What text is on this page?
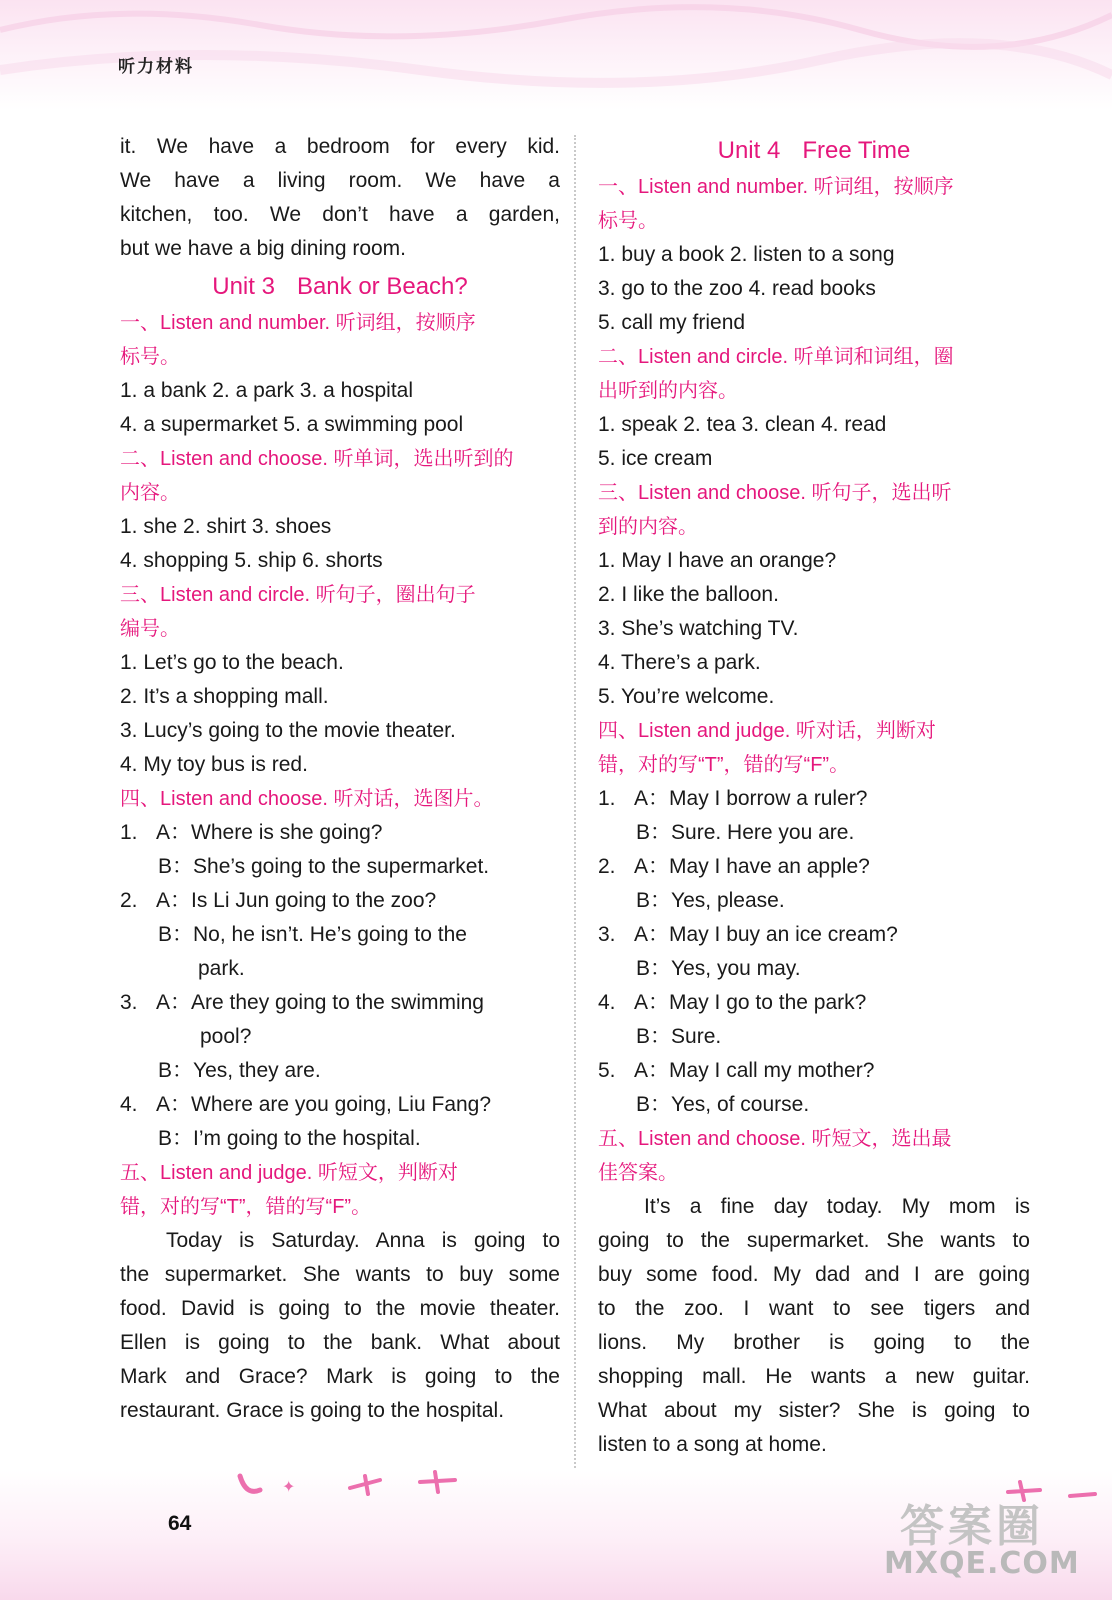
听力材料
it. We have a bedroom for every kid.
We have a living room. We have a
kitchen, too. We don’t have a garden,
but we have a big dining room.
Unit 3 Bank or Beach?
一、Listen and number. 听词组，按顺序
标号。
1. a bank 2. a park 3. a hospital
4. a supermarket 5. a swimming pool
二、Listen and choose. 听单词，选出听到的
内容。
1. she 2. shirt 3. shoes
4. shopping 5. ship 6. shorts
三、Listen and circle. 听句子，圈出句子
编号。
1. Let’s go to the beach.
2. It’s a shopping mall.
3. Lucy’s going to the movie theater.
4. My toy bus is red.
四、Listen and choose. 听对话，选图片。
1. A：Where is she going?
B：She’s going to the supermarket.
2. A：Is Li Jun going to the zoo?
B：No, he isn’t. He’s going to the
park.
3. A：Are they going to the swimming
pool?
B：Yes, they are.
4. A：Where are you going, Liu Fang?
B：I’m going to the hospital.
五、Listen and judge. 听短文，判断对
错，对的写“T”，错的写“F”。
Today is Saturday. Anna is going to
the supermarket. She wants to buy some
food. David is going to the movie theater.
Ellen is going to the bank. What about
Mark and Grace? Mark is going to the
restaurant. Grace is going to the hospital.
Unit 4 Free Time
一、Listen and number. 听词组，按顺序
标号。
1. buy a book 2. listen to a song
3. go to the zoo 4. read books
5. call my friend
二、Listen and circle. 听单词和词组，圈
出听到的内容。
1. speak 2. tea 3. clean 4. read
5. ice cream
三、Listen and choose. 听句子，选出听
到的内容。
1. May I have an orange?
2. I like the balloon.
3. She’s watching TV.
4. There’s a park.
5. You’re welcome.
四、Listen and judge. 听对话，判断对
错，对的写“T”，错的写“F”。
1. A：May I borrow a ruler?
B：Sure. Here you are.
2. A：May I have an apple?
B：Yes, please.
3. A：May I buy an ice cream?
B：Yes, you may.
4. A：May I go to the park?
B：Sure.
5. A：May I call my mother?
B：Yes, of course.
五、Listen and choose. 听短文，选出最
佳答案。
It’s a fine day today. My mom is
going to the supermarket. She wants to
buy some food. My dad and I are going
to the zoo. I want to see tigers and
lions. My brother is going to the
shopping mall. He wants a new guitar.
What about my sister? She is going to
listen to a song at home.
✦
64	答案圈
MXQE.COM
